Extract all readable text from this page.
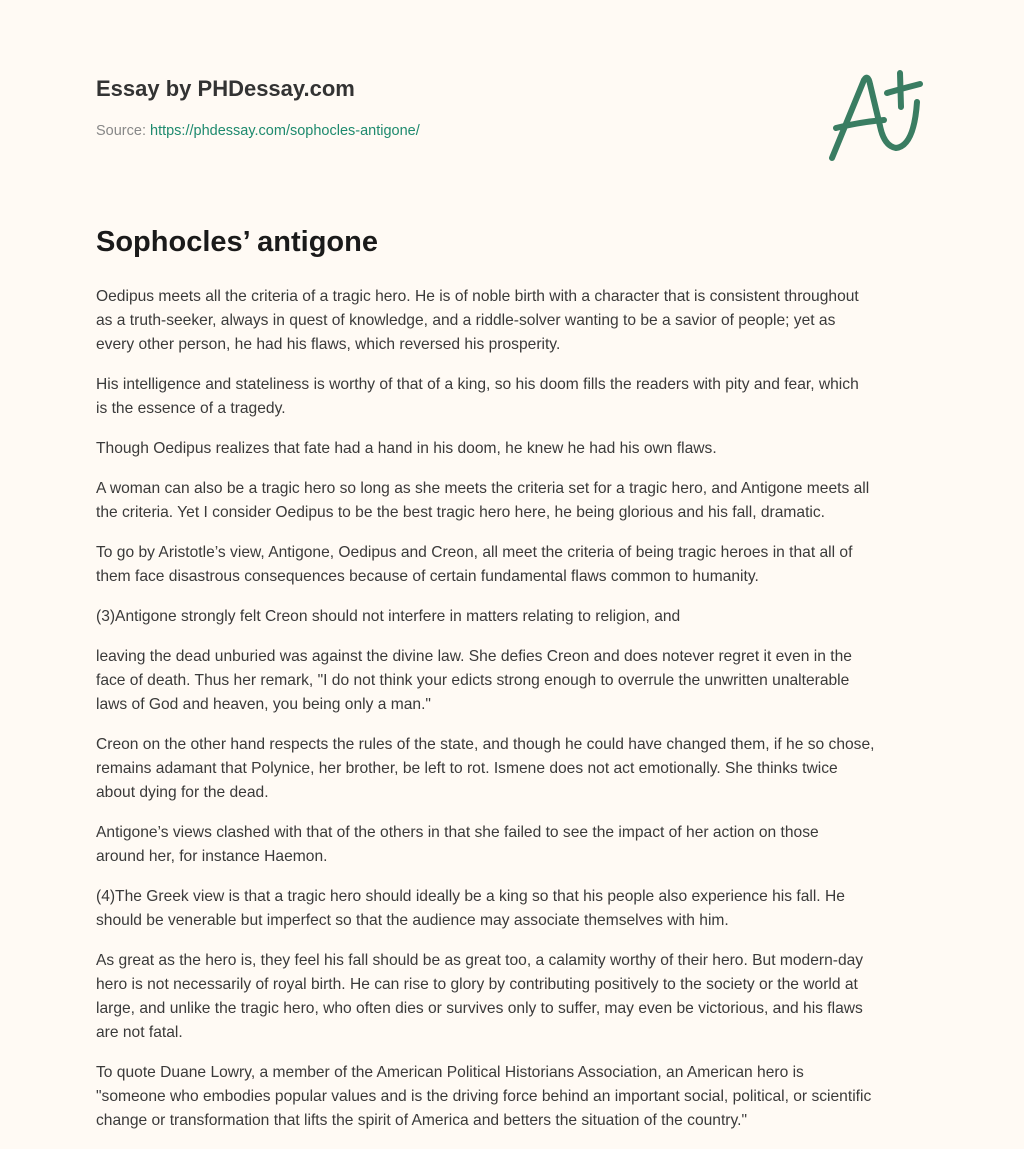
Essay by PHDessay.com
Source: https://phdessay.com/sophocles-antigone/
Sophocles’ antigone

Oedipus meets all the criteria of a tragic hero. He is of noble birth with a character that is consistent throughout
as a truth-seeker, always in quest of knowledge, and a riddle-solver wanting to be a savior of people; yet as
every other person, he had his flaws, which reversed his prosperity.

His intelligence and stateliness is worthy of that of a king, so his doom fills the readers with pity and fear, which
is the essence of a tragedy.

Though Oedipus realizes that fate had a hand in his doom, he knew he had his own flaws.

A woman can also be a tragic hero so long as she meets the criteria set for a tragic hero, and Antigone meets all
the criteria. Yet I consider Oedipus to be the best tragic hero here, he being glorious and his fall, dramatic.

To go by Aristotle’s view, Antigone, Oedipus and Creon, all meet the criteria of being tragic heroes in that all of
them face disastrous consequences because of certain fundamental flaws common to humanity.

(3)Antigone strongly felt Creon should not interfere in matters relating to religion, and

leaving the dead unburied was against the divine law. She defies Creon and does notever regret it even in the
face of death. Thus her remark, "I do not think your edicts strong enough to overrule the unwritten unalterable
laws of God and heaven, you being only a man."

Creon on the other hand respects the rules of the state, and though he could have changed them, if he so chose,
remains adamant that Polynice, her brother, be left to rot. Ismene does not act emotionally. She thinks twice
about dying for the dead.

Antigone’s views clashed with that of the others in that she failed to see the impact of her action on those
around her, for instance Haemon.

(4)The Greek view is that a tragic hero should ideally be a king so that his people also experience his fall. He
should be venerable but imperfect so that the audience may associate themselves with him.

As great as the hero is, they feel his fall should be as great too, a calamity worthy of their hero. But modern-day
hero is not necessarily of royal birth. He can rise to glory by contributing positively to the society or the world at
large, and unlike the tragic hero, who often dies or survives only to suffer, may even be victorious, and his flaws
are not fatal.

To quote Duane Lowry, a member of the American Political Historians Association, an American hero is
"someone who embodies popular values and is the driving force behind an important social, political, or scientific
change or transformation that lifts the spirit of America and betters the situation of the country."
